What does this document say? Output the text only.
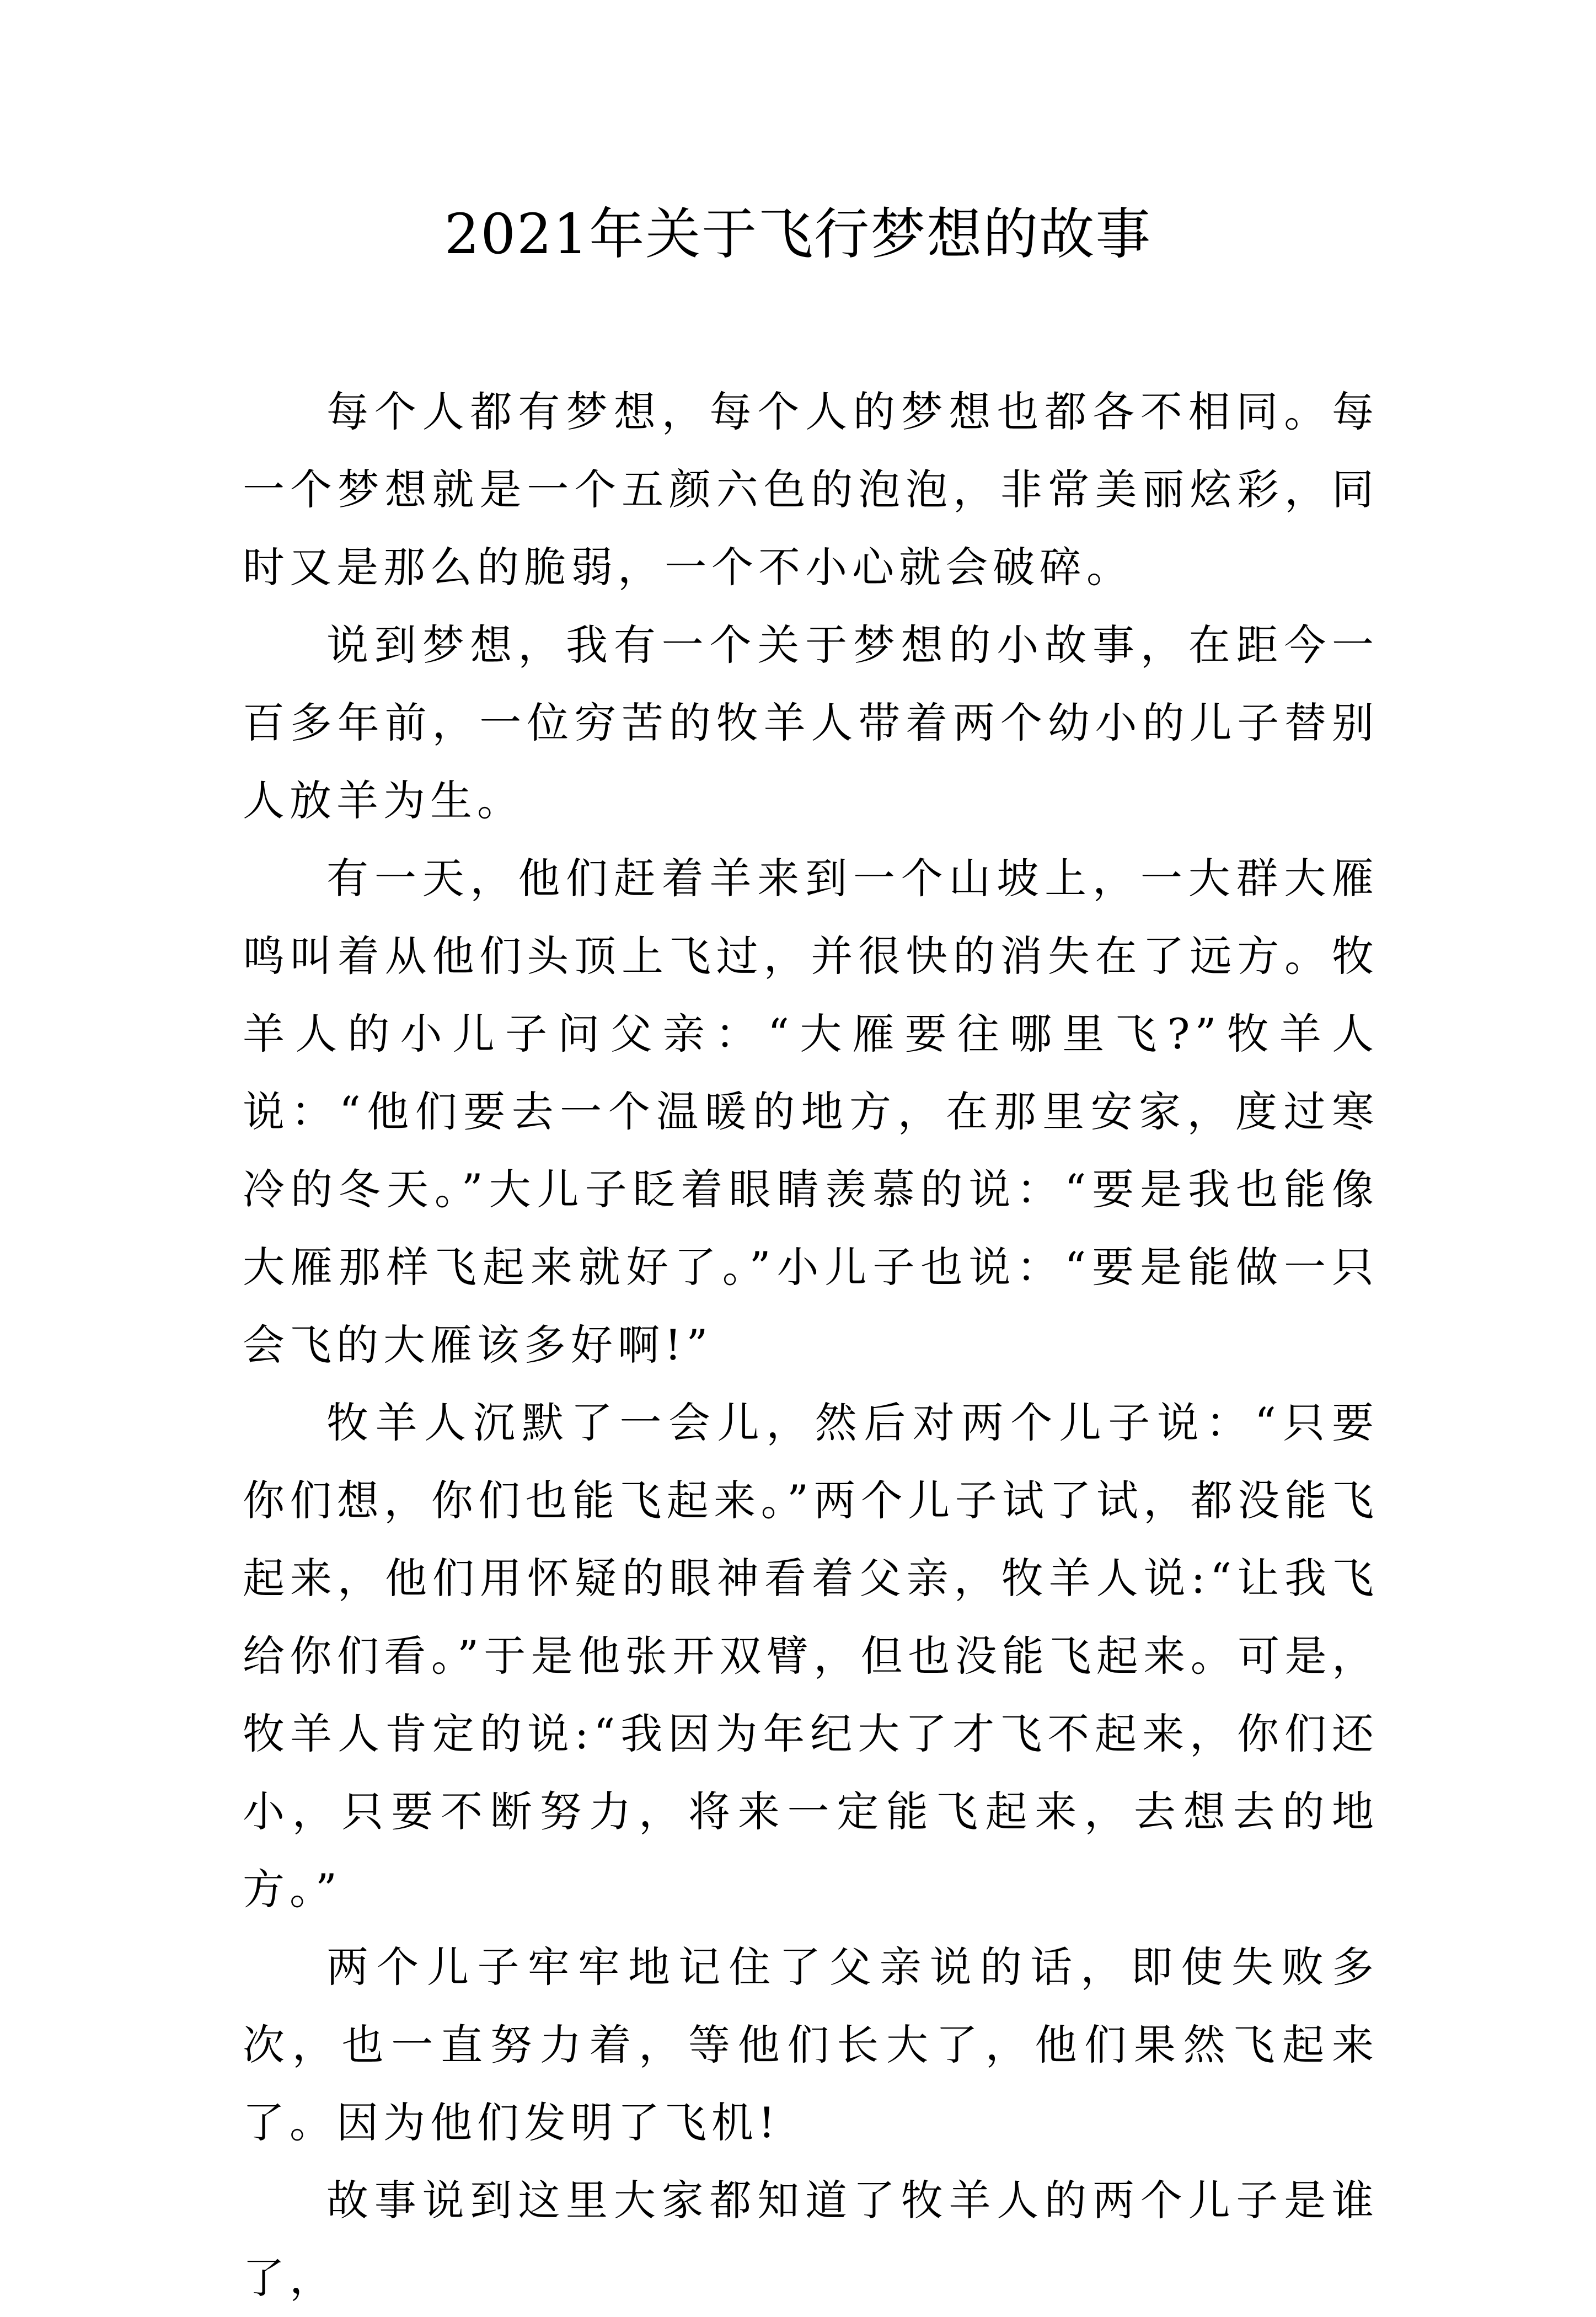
2021年关于飞行梦想的故事

每个人都有梦想，每个人的梦想也都各不相同。每一个梦想就是一个五颜六色的泡泡，非常美丽炫彩，同时又是那么的脆弱，一个不小心就会破碎。

说到梦想，我有一个关于梦想的小故事，在距今一百多年前，一位穷苦的牧羊人带着两个幼小的儿子替别人放羊为生。

有一天，他们赶着羊来到一个山坡上，一大群大雁鸣叫着从他们头顶上飞过，并很快的消失在了远方。牧羊人的小儿子问父亲：“大雁要往哪里飞?”牧羊人说：“他们要去一个温暖的地方，在那里安家，度过寒冷的冬天。”大儿子眨着眼睛羡慕的说：“要是我也能像大雁那样飞起来就好了。”小儿子也说：“要是能做一只会飞的大雁该多好啊!”

牧羊人沉默了一会儿，然后对两个儿子说：“只要你们想，你们也能飞起来。”两个儿子试了试，都没能飞起来，他们用怀疑的眼神看着父亲，牧羊人说:“让我飞给你们看。”于是他张开双臂，但也没能飞起来。可是，牧羊人肯定的说:“我因为年纪大了才飞不起来，你们还小，只要不断努力，将来一定能飞起来，去想去的地方。”

两个儿子牢牢地记住了父亲说的话，即使失败多次，也一直努力着，等他们长大了，他们果然飞起来了。因为他们发明了飞机!

故事说到这里大家都知道了牧羊人的两个儿子是谁了，
